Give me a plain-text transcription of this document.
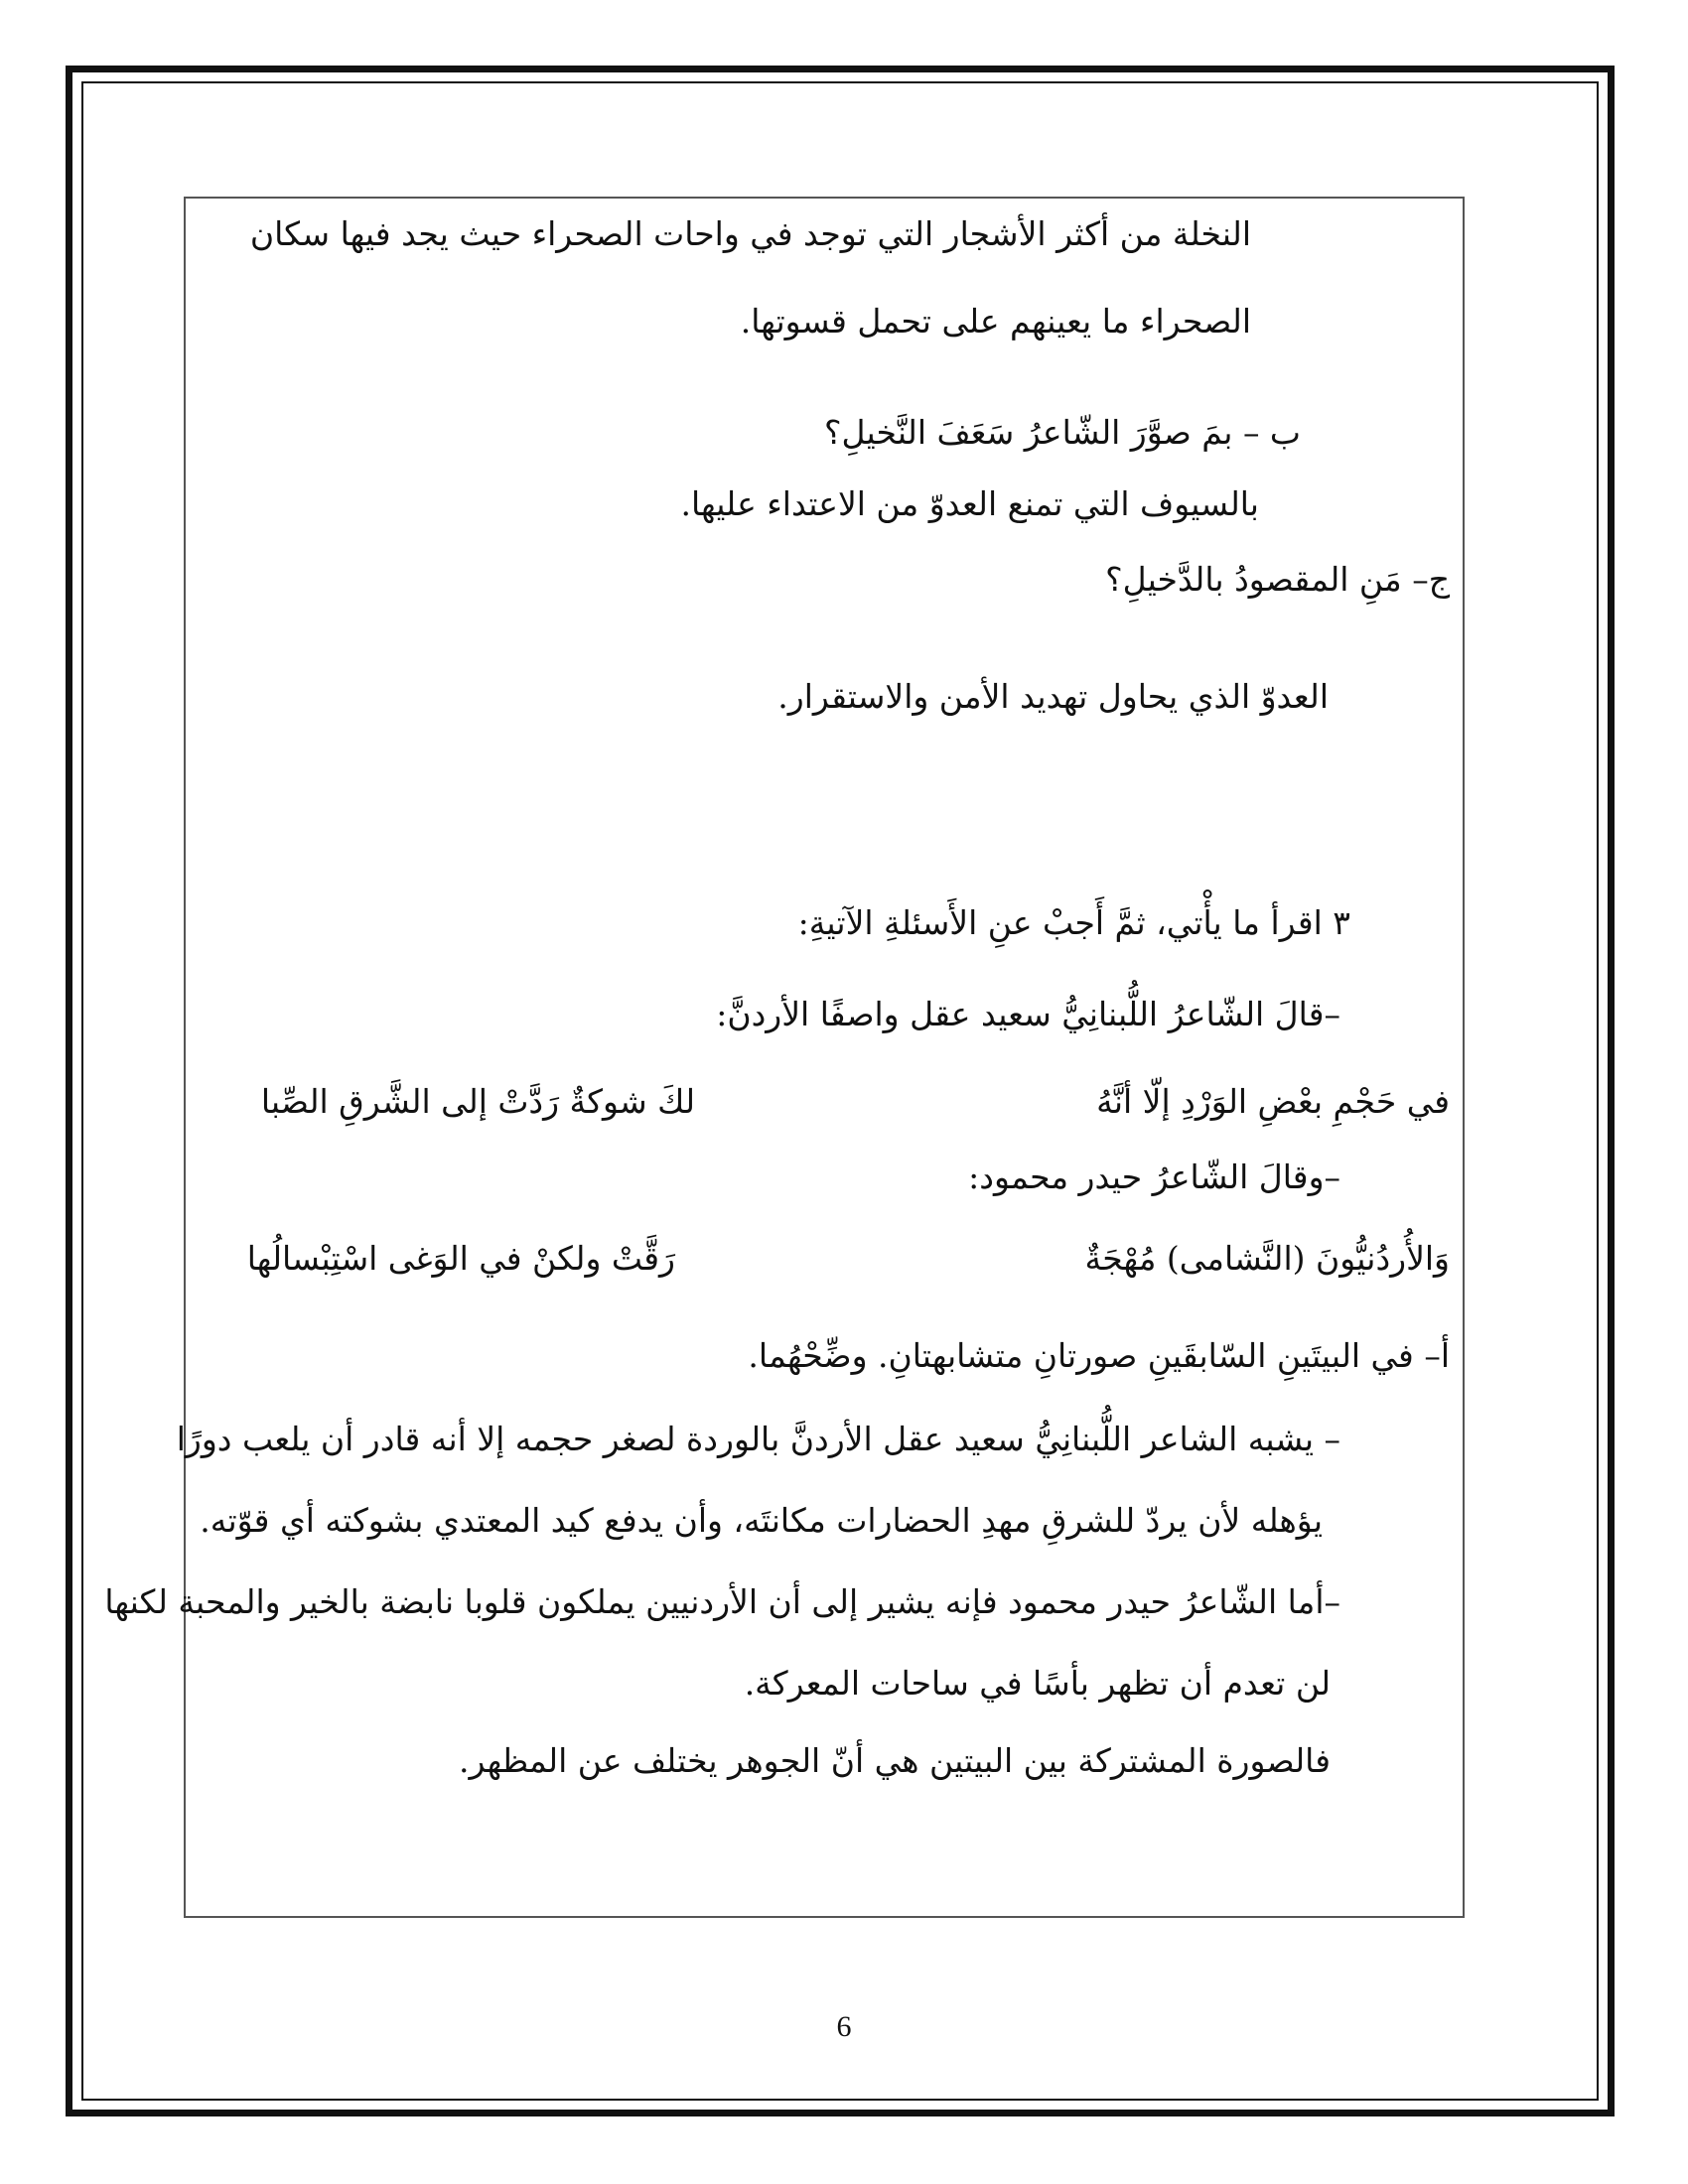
النخلة من أكثر الأشجار التي توجد في واحات الصحراء حيث يجد فيها سكان
الصحراء ما يعينهم على تحمل قسوتها.
ب – بمَ صوَّرَ الشّاعرُ سَعَفَ النَّخيلِ؟
بالسيوف التي تمنع العدوّ من الاعتداء عليها.
ج– مَنِ المقصودُ بالدَّخيلِ؟
العدوّ الذي يحاول تهديد الأمن والاستقرار.
٣ اقرأ ما يأْتي، ثمَّ أَجبْ عنِ الأَسئلةِ الآتيةِ:
–قالَ الشّاعرُ اللُّبنانِيُّ سعيد عقل واصفًا الأردنَّ:
في حَجْمِ بعْضِ الوَرْدِ إلّا أنَّهُ
لكَ شوكةٌ رَدَّتْ إلى الشَّرقِ الصِّبا
–وقالَ الشّاعرُ حيدر محمود:
وَالأُردُنيُّونَ (النَّشامى) مُهْجَةٌ
رَقَّتْ ولكنْ في الوَغى اسْتِبْسالُها
أ– في البيتَينِ السّابقَينِ صورتانِ متشابهتانِ. وضِّحْهُما.
– يشبه الشاعر اللُّبنانِيُّ سعيد عقل الأردنَّ بالوردة لصغر حجمه إلا أنه قادر أن يلعب دورًا
يؤهله لأن يردّ للشرقِ مهدِ الحضارات مكانتَه، وأن يدفع كيد المعتدي بشوكته أي قوّته.
–أما الشّاعرُ حيدر محمود فإنه يشير إلى أن الأردنيين يملكون قلوبا نابضة بالخير والمحبة لكنها
لن تعدم أن تظهر بأسًا في ساحات المعركة.
فالصورة المشتركة بين البيتين هي أنّ الجوهر يختلف عن المظهر.
6
